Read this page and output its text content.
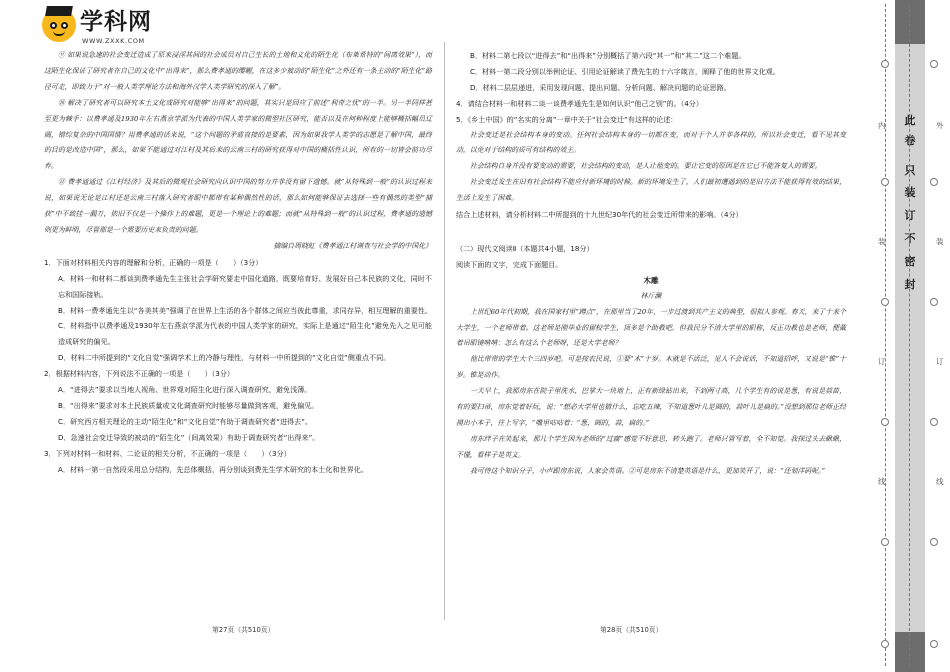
学科网
WWW.ZXXK.COM
⑨ 如果说急速的社会变迁造成了原来浸淫其间的社会成员对自己生长的土地和文化的陌生化（布莱希特的“间离效果”），而这陌生化保证了研究者在自己的文化中“出得来”，那么费孝通的缨幄，在这多少被动的“陌生化”之外还有一条主动的“陌生化”路径可走，即致力于“对一般人类学理论方法和海外汉学人类学研究的深入了解”。
⑩ 解决了研究者可以研究本土文化或研究对能够“出得来”的问题，其实只是回应了前述“利奇之忧”的一半。另一半同样甚至更为棘手：以费孝通及1930年左右燕京学派为代表的中国人类学家的微型社区研究，能否以及在何种程度上能够概括幅员辽阔，错综复杂的中国国情？用费孝通的话来说，“这个问题的矛盾直接的是要素，因为如果我学人类学的志愿是了解中国，最终的目的是改造中国”，那么，如果不能通过对江村及其后来的云南三村的研究获得对中国的概括性认识，所有的一切皆会前功尽弃。
⑪ 费孝通通过《江村经济》及其后的微观社会研究向认识中国的努力并非没有留下遗憾。就“从特殊到一般”的认识过程来说，如果说无论是江村还是云南三村落入研究者眼中都带有某种偶然性的话，那么如何能够保证去选择一些有偶然的类型“捕获”中不致挂一漏万，依旧不仅是一个操作上的难题，更是一个理论上的难题；而就“从特殊到一般”的认识过程，费孝通的遗憾则更为鲜明，尽管那是一个需要历史来负责的问题。
摘编自周晓虹《费孝通江村调查与社会学的中国化》
1．下面对材料相关内容的理解和分析，正确的一项是（　　）（3分）
A．材料一和材料二都谈到费孝通先生主张社会学研究要走中国化道路，既要培育好、发展好自己本民族的文化，同时不忘和国际接轨。
B．材料一费孝通先生以“各美其美”强调了在世界上生活的各个群体之间应当彼此尊重，求同存异，相互理解的重要性。
C．材料指中以费孝通及1930年左右燕京学派为代表的中国人类学家的研究，实际上是通过“陌生化”避免先入之见可能造成研究的偏见。
D．材料二中所提到的“文化自觉”强调学术上的冷静与理性，与材料一中所提到的“文化自觉”侧重点不同。
2．根据材料内容，下列说法不正确的一项是（　　）（3分）
A．“进得去”要求以当地人视角、世界观对陌生化进行深入调查研究，避免浅薄。
B．“出得来”要求对本土民族质量或文化调查研究时能够尽量做到客观，避免偏见。
C．研究西方相关理论的主动“陌生化”和“文化自觉”有助于调查研究者“进得去”。
D．急速社会变迁导致的被动的“陌生化”（间离效果）有助于调查研究者“出得来”。
3．下列对材料一和材料、二论证的相关分析，不正确的一项是（　　）（3分）
A．材料一第一自然段采用总分结构，先总体概括，再分别谈到费先生学术研究的本土化和世界化。
B．材料二第七段以“进得去”和“出得来”分别概括了第六段“其一”和“其二”这二个难题。
C．材料一第二段分别以举例论证、引用论证解读了费先生的十六字箴言，阐释了他的世界文化观。
D．材料二层层递进，采用发现问题、提出问题、分析问题、解决问题的论证思路。
4．请结合材料一和材料二谈一谈费孝通先生是如何认识“他己之别”的。（4分）
5．《乡土中国》的“名实的分离”一章中关于“社会变迁”有这样的论述：
社会变迁是社会结构本身的变动。任何社会结构本身的一切都在变，而对于个人并非各样的，所以社会变迁，看不见其变动，以免对于结构的质可有结构的效主。
社会结构自身并没有要变动的需要，社会结构的变动，是人让他变的。要让它变的原因是在它已不能答复人的需要。
社会变迁发生在旧有社会结构不能应付新环境的时候。新的环境发生了，人们最初遭遇到的是旧方法不能获得有效的结果，生活上发生了困难。
结合上述材料，请分析材料二中所提到的十九世纪30年代的社会变迁所带来的影响。（4分）
（二）现代文阅读Ⅱ（本题共4小题，18分）
阅读下面的文字，完成下面题目。
木雕
林斤澜
上世纪60年代初期，我在国家村里“蹲点”，在那里当了20年，一步过渡到共产主义的典型，很拟人参观。春天，来了十来个大学生，一个老师带着。这老师是刚毕业的留校学生，顶多是个助教吧。但我民分不清大学里的职称，反正功教也是老师，便戴着吊眼镜啃啃：怎么有这么个老师呀，还是大学老师？
他比带带的学生大个三四岁吧。可是按农民说，①要“木”十岁。木就是不活泛，见人不会说话，不知道招呼，又说是“锥”十岁。锥是动作。
一天早上，我那房东在院子里洗水，巴掌大一块地上，正有新绿钻出来，不到两寸高，几个学生有的说是葱，有说是蒜苗，有的要扫帚，房东觉着好玩，说：“想必大学里也猜什么，忘吃五辣，不知道葱叶儿是圆的，蒜叶儿是扁的。”没想到那位老师正经摸出小本子，往上写字，“嘴里咕咕着：“葱，圆的，蒜，扁的。”
房东绊子在笑起来，那几个学生因为老师的“过腐”感觉不好意思，转头跑了。老师只管写着，全不知觉。我探过头去瞅瞅，不懂，看样子是英文。
我可侍这个知识分子，小声跟房东说，人家会英语。②可是房东不清楚英语是什么，更加笑开了，说：“还划洋码呢。”
第27页（共510页）	第28页（共510页）
此
卷
只
装
订
不
密
封
内	外
装	装
订	订
线	线
